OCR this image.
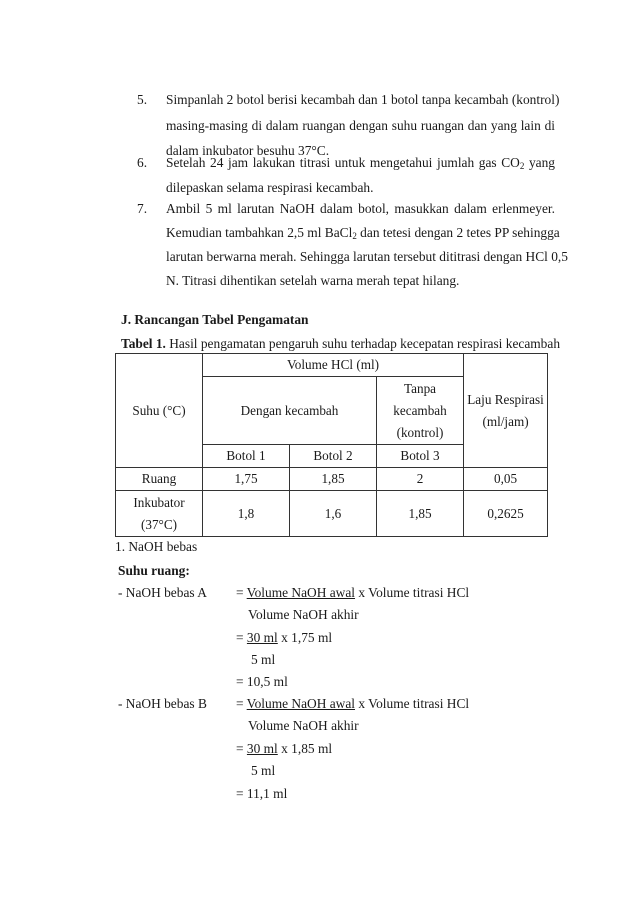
5. Simpanlah 2 botol berisi kecambah dan 1 botol tanpa kecambah (kontrol)
masing-masing di dalam ruangan dengan suhu ruangan dan yang lain di
dalam inkubator besuhu 37°C.
6. Setelah 24 jam lakukan titrasi untuk mengetahui jumlah gas $CO_2$ yang
dilepaskan selama respirasi kecambah.
7. Ambil 5 ml larutan NaOH dalam botol, masukkan dalam erlenmeyer.
Kemudian tambahkan 2,5 ml BaCl$_2$ dan tetesi dengan 2 tetes PP sehingga
larutan berwarna merah. Sehingga larutan tersebut dititrasi dengan HCl 0,5
N. Titrasi dihentikan setelah warna merah tepat hilang.
J. Rancangan Tabel Pengamatan
Tabel 1. Hasil pengamatan pengaruh suhu terhadap kecepatan respirasi kecambah
Suhu (°C)	Volume HCl (ml)			Laju Respirasi
(ml/jam)

	Dengan kecambah		Tanpa
kecambah
(kontrol)	

	Botol 1	Botol 2	Botol 3	
Ruang	1,75	1,85	2	0,05

Inkubator
(37°C)	1,8	1,6	1,85	0,2625
1. NaOH bebas
Suhu ruang:
- NaOH bebas A = Volume NaOH awal x Volume titrasi HCl
Volume NaOH akhir
= 30 ml x 1,75 ml
5 ml
= 10,5 ml
- NaOH bebas B = Volume NaOH awal x Volume titrasi HCl
Volume NaOH akhir
= 30 ml x 1,85 ml
5 ml
= 11,1 ml
